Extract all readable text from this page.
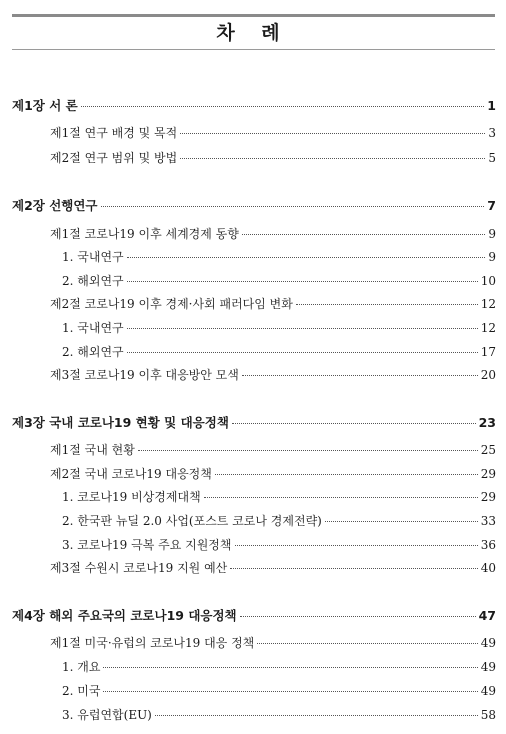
차 례
제1장 서 론	1
제1절 연구 배경 및 목적	3
제2절 연구 범위 및 방법	5
제2장 선행연구	7
제1절 코로나19 이후 세계경제 동향	9
1. 국내연구	9
2. 해외연구	10
제2절 코로나19 이후 경제·사회 패러다임 변화	12
1. 국내연구	12
2. 해외연구	17
제3절 코로나19 이후 대응방안 모색	20
제3장 국내 코로나19 현황 및 대응정책	23
제1절 국내 현황	25
제2절 국내 코로나19 대응정책	29
1. 코로나19 비상경제대책	29
2. 한국판 뉴딜 2.0 사업(포스트 코로나 경제전략)	33
3. 코로나19 극복 주요 지원정책	36
제3절 수원시 코로나19 지원 예산	40
제4장 해외 주요국의 코로나19 대응정책	47
제1절 미국·유럽의 코로나19 대응 정책	49
1. 개요	49
2. 미국	49
3. 유럽연합(EU)	58
